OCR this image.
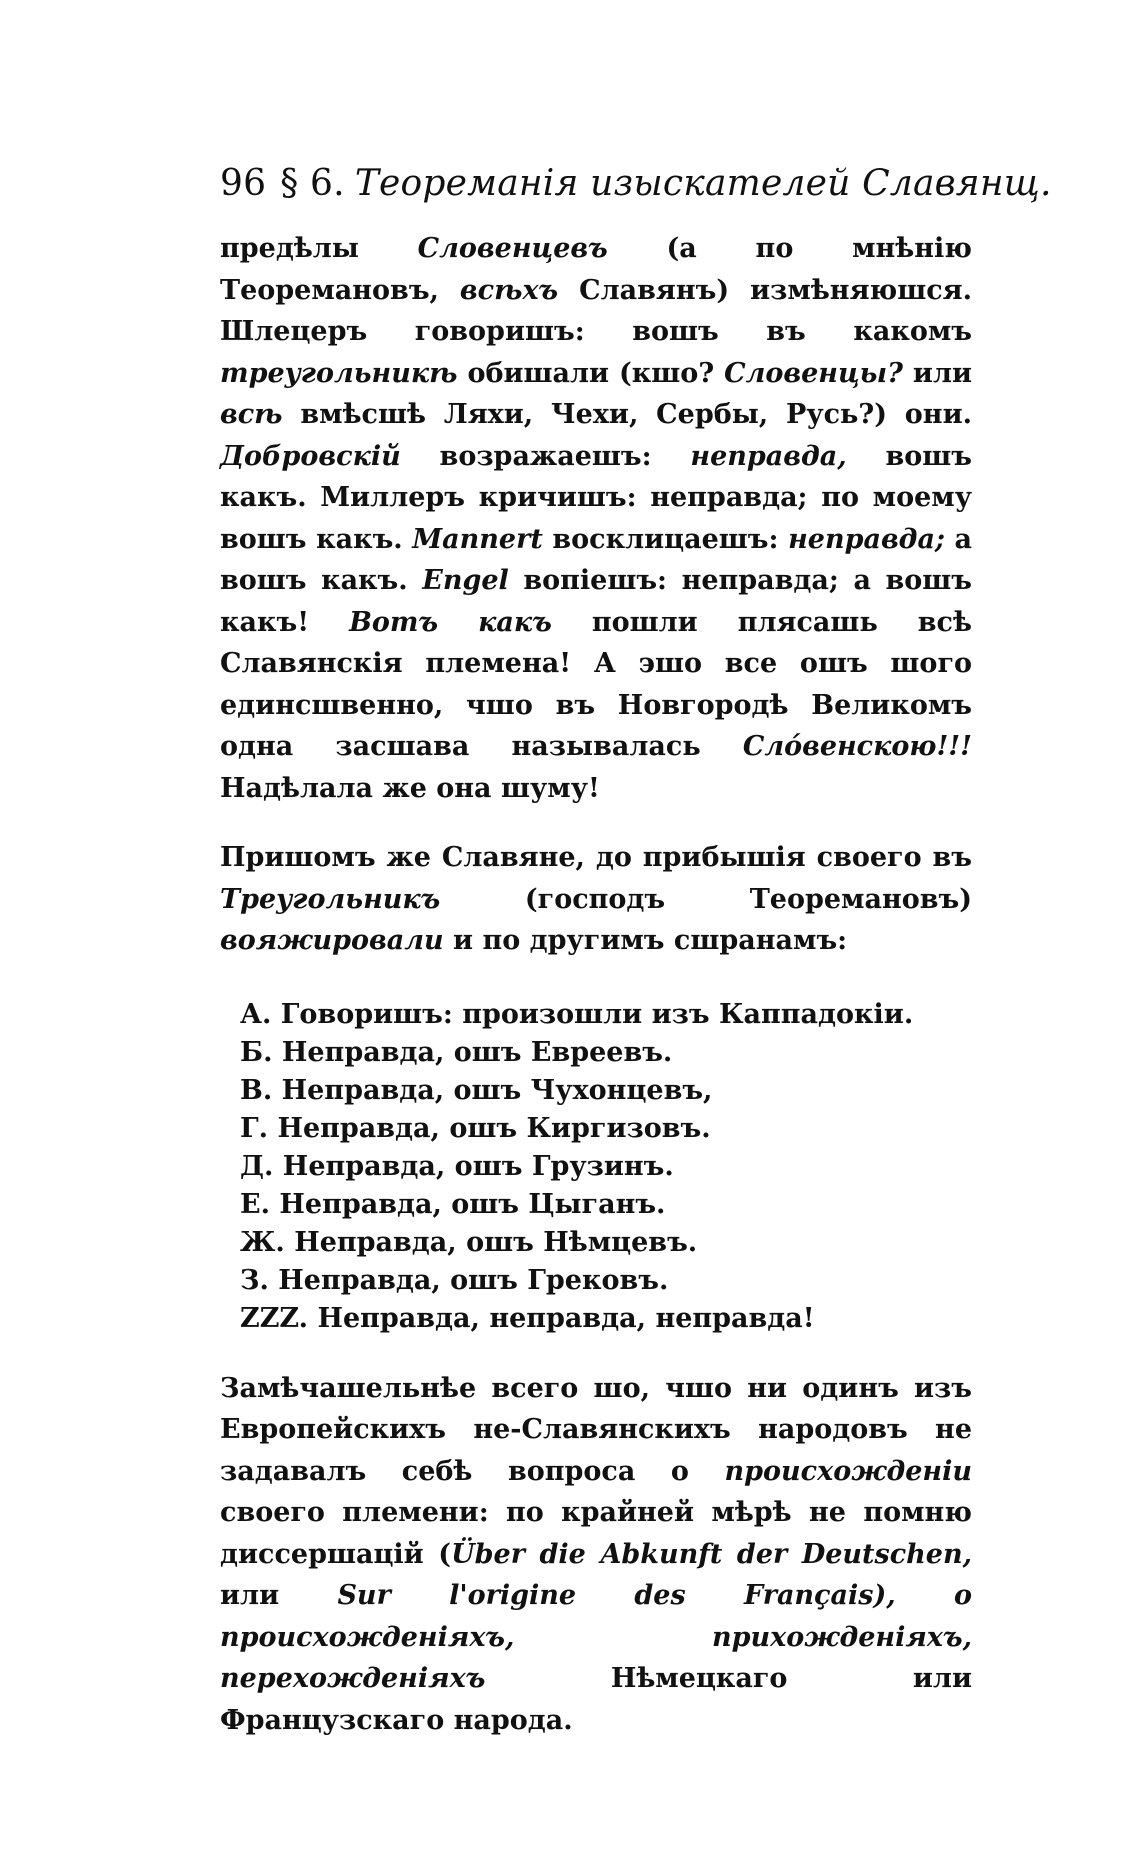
96 § 6. Теоремaнія изыскaтелей Славянщ.
предѣлы Словенцевъ (а по мнѣнію Теоремановъ, всѣхъ Славянъ) измѣняюшся. Шлецеръ говоришъ: вошъ въ какомъ треугольникѣ обишали (кшо? Словенцы? или всѣ вмѣсшѣ Ляхи, Чехи, Сербы, Русь?) они. Добровскій возражаешъ: неправда, вошъ какъ. Миллеръ кричишъ: неправда; по моему вошъ какъ. Mannert восклицаешъ: неправда; а вошъ какъ. Engel вопіешъ: неправда; а вошъ какъ! Вотъ какъ пошли плясашь всѣ Славянскія племена! А эшо все ошъ шого единсшвенно, чшо въ Новгородѣ Великомъ одна засшава называлась Слóвенскою!!! Надѣлала же она шуму!
Пришомъ же Славяне, до прибышія своего въ Треугольникъ (господъ Теоремановъ) вояжировали и по другимъ сшранамъ:
А. Говоришъ: произошли изъ Каппадокіи.
Б. Неправда, ошъ Евреевъ.
В. Неправда, ошъ Чухонцевъ,
Г. Неправда, ошъ Киргизовъ.
Д. Неправда, ошъ Грузинъ.
Е. Неправда, ошъ Цыганъ.
Ж. Неправда, ошъ Нѣмцевъ.
З. Неправда, ошъ Грековъ.
ZZZ. Неправда, неправда, неправда!
Замѣчашельнѣе всего шо, чшо ни одинъ изъ Европейскихъ не-Славянскихъ народовъ не задавалъ себѣ вопроса о происхожденіи своего племени: по крайней мѣрѣ не помню диссершацій (Über die Abkunft der Deutschen, или Sur l'origine des Français), о происхожденіяхъ, прихожденіяхъ, перехожденіяхъ Нѣмецкаго или Французскаго народа.
